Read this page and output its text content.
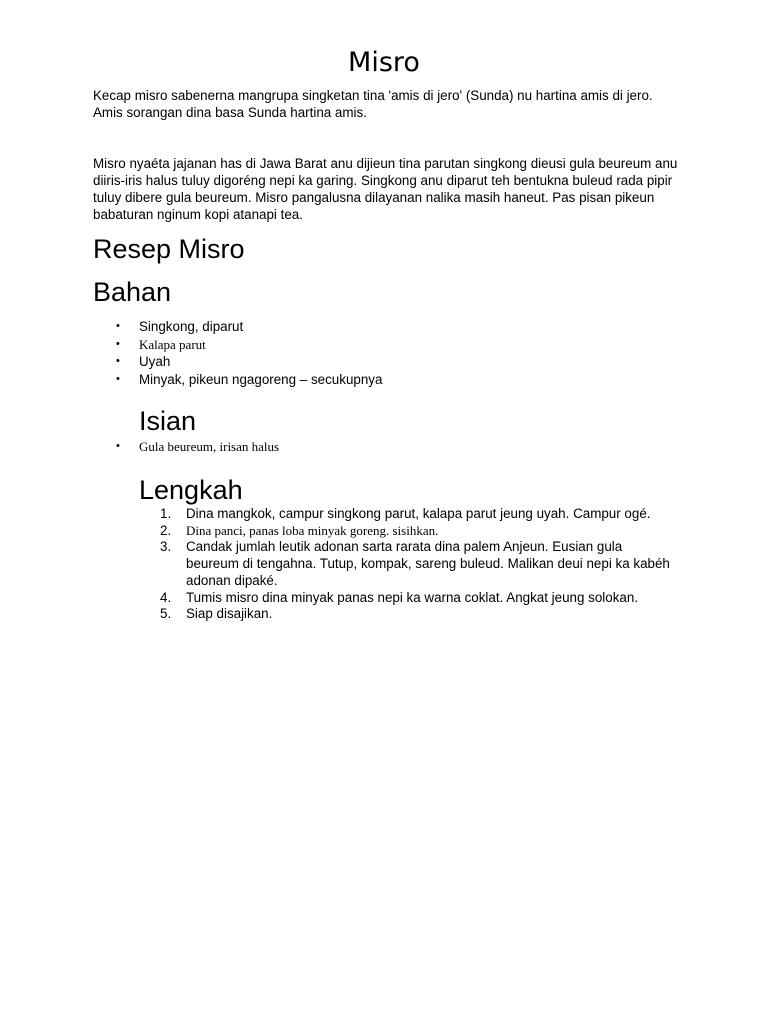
Misro

Kecap misro sabenerna mangrupa singketan tina 'amis di jero' (Sunda) nu hartina amis di jero. Amis sorangan dina basa Sunda hartina amis.

Misro nyaéta jajanan has di Jawa Barat anu dijieun tina parutan singkong dieusi gula beureum anu diiris-iris halus tuluy digoréng nepi ka garing. Singkong anu diparut teh bentukna buleud rada pipir tuluy dibere gula beureum. Misro pangalusna dilayanan nalika masih haneut. Pas pisan pikeun babaturan nginum kopi atanapi tea.

Resep Misro
Bahan
•	Singkong, diparut
•	Kalapa parut
•	Uyah
•	Minyak, pikeun ngagoreng – secukupnya
Isian
•	Gula beureum, irisan halus
Lengkah
1.	Dina mangkok, campur singkong parut, kalapa parut jeung uyah. Campur ogé.
2.	Dina panci, panas loba minyak goreng. sisihkan.
3.	Candak jumlah leutik adonan sarta rarata dina palem Anjeun. Eusian gula beureum di tengahna. Tutup, kompak, sareng buleud. Malikan deui nepi ka kabéh adonan dipaké.
4.	Tumis misro dina minyak panas nepi ka warna coklat. Angkat jeung solokan.
5.	Siap disajikan.
